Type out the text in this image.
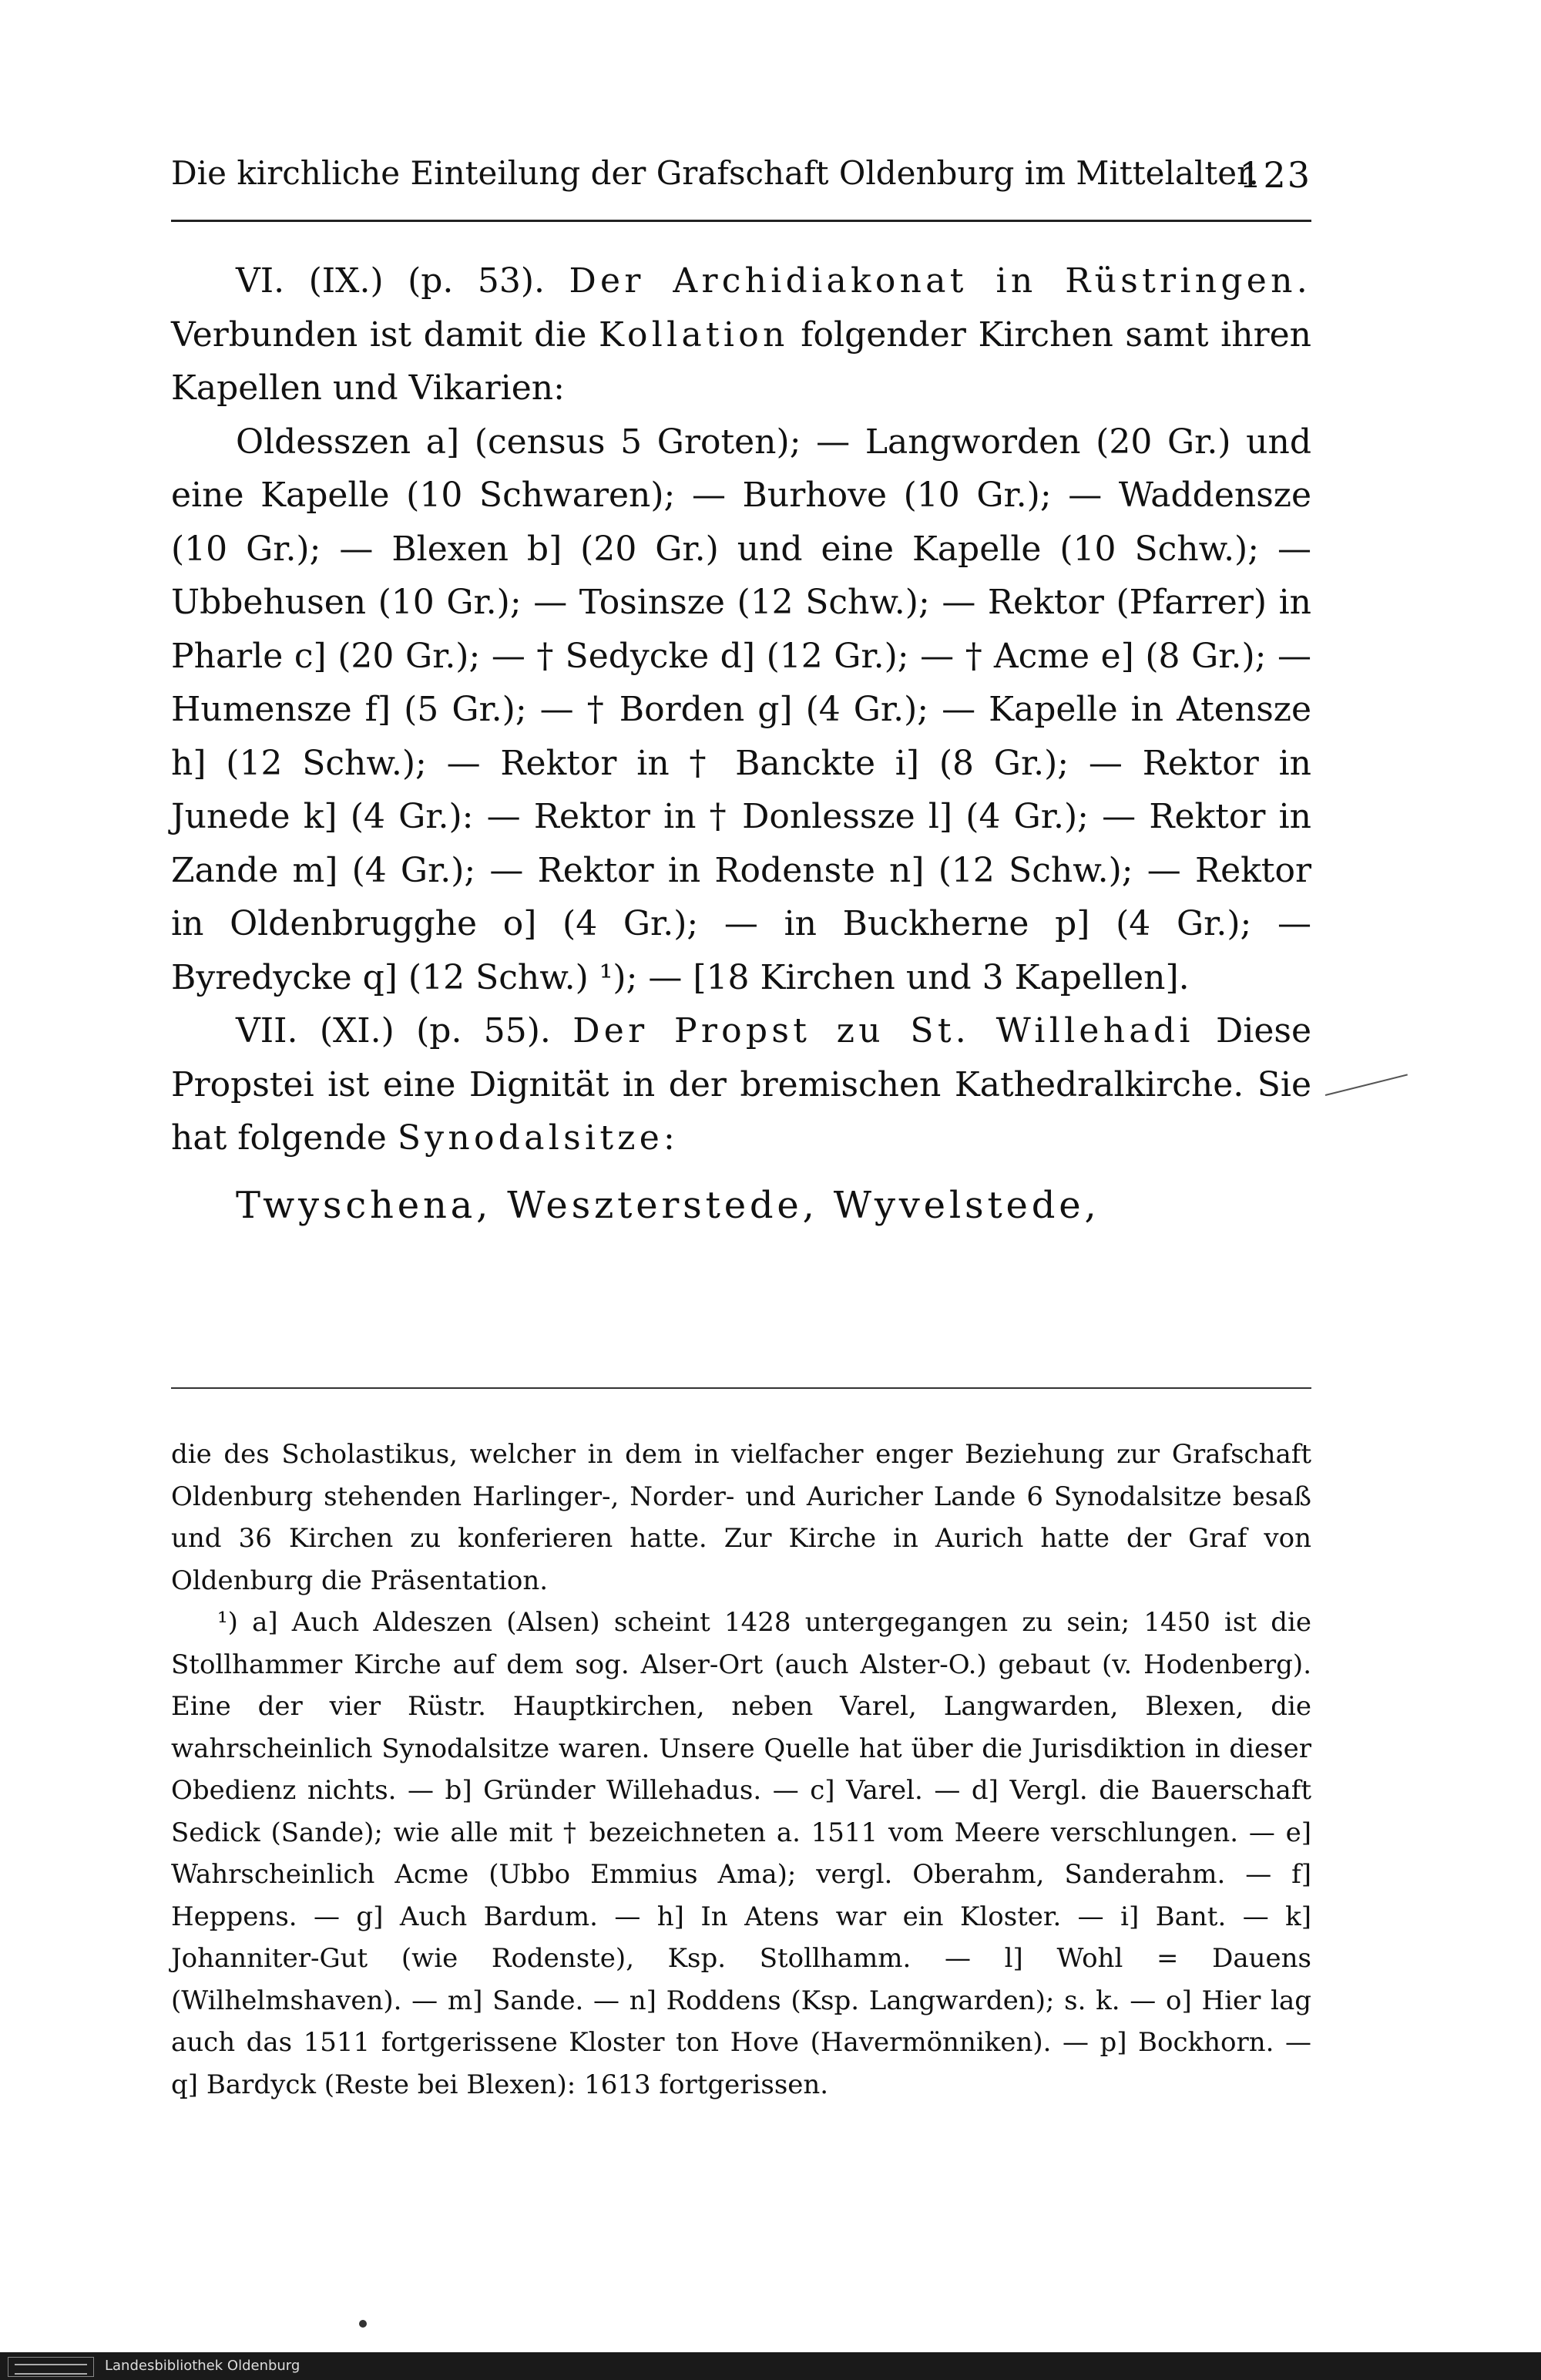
Die kirchliche Einteilung der Grafschaft Oldenburg im Mittelalter.
123

VI. (IX.) (p. 53). Der Archidiakonat in Rüstringen. Verbunden ist damit die Kollation folgender Kirchen samt ihren Kapellen und Vikarien:

Oldesszen a] (census 5 Groten); — Langworden (20 Gr.) und eine Kapelle (10 Schwaren); — Burhove (10 Gr.); — Waddensze (10 Gr.); — Blexen b] (20 Gr.) und eine Kapelle (10 Schw.); — Ubbehusen (10 Gr.); — Tosinsze (12 Schw.); — Rektor (Pfarrer) in Pharle c] (20 Gr.); — † Sedycke d] (12 Gr.); — † Acme e] (8 Gr.); — Humensze f] (5 Gr.); — † Borden g] (4 Gr.); — Kapelle in Atensze h] (12 Schw.); — Rektor in † Banckte i] (8 Gr.); — Rektor in Junede k] (4 Gr.): — Rektor in † Donlessze l] (4 Gr.); — Rektor in Zande m] (4 Gr.); — Rektor in Rodenste n] (12 Schw.); — Rektor in Oldenbrugghe o] (4 Gr.); — in Buckherne p] (4 Gr.); — Byredycke q] (12 Schw.) ¹); — [18 Kirchen und 3 Kapellen].

VII. (XI.) (p. 55). Der Propst zu St. Willehadi Diese Propstei ist eine Dignität in der bremischen Kathedralkirche. Sie hat folgende Synodalsitze:

Twyschena, Weszterstede, Wyvelstede,

die des Scholastikus, welcher in dem in vielfacher enger Beziehung zur Grafschaft Oldenburg stehenden Harlinger-, Norder- und Auricher Lande 6 Synodalsitze besaß und 36 Kirchen zu konferieren hatte. Zur Kirche in Aurich hatte der Graf von Oldenburg die Präsentation.

¹) a] Auch Aldeszen (Alsen) scheint 1428 untergegangen zu sein; 1450 ist die Stollhammer Kirche auf dem sog. Alser-Ort (auch Alster-O.) gebaut (v. Hodenberg). Eine der vier Rüstr. Hauptkirchen, neben Varel, Langwarden, Blexen, die wahrscheinlich Synodalsitze waren. Unsere Quelle hat über die Jurisdiktion in dieser Obedienz nichts. — b] Gründer Willehadus. — c] Varel. — d] Vergl. die Bauerschaft Sedick (Sande); wie alle mit † bezeichneten a. 1511 vom Meere verschlungen. — e] Wahrscheinlich Acme (Ubbo Emmius Ama); vergl. Oberahm, Sanderahm. — f] Heppens. — g] Auch Bardum. — h] In Atens war ein Kloster. — i] Bant. — k] Johanniter-Gut (wie Rodenste), Ksp. Stollhamm. — l] Wohl = Dauens (Wilhelmshaven). — m] Sande. — n] Roddens (Ksp. Langwarden); s. k. — o] Hier lag auch das 1511 fortgerissene Kloster ton Hove (Havermönniken). — p] Bockhorn. — q] Bardyck (Reste bei Blexen): 1613 fortgerissen.

Landesbibliothek Oldenburg
